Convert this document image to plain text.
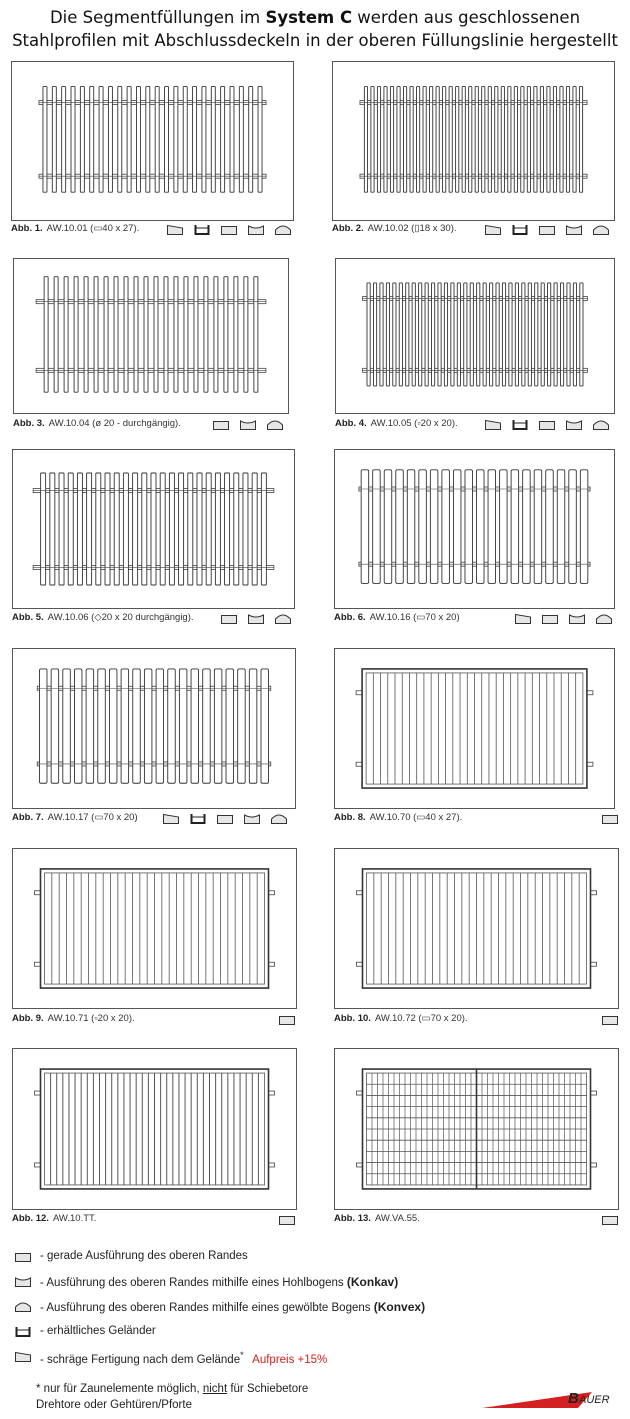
Die Segmentfüllungen im System C werden aus geschlossenen
Stahlprofilen mit Abschlussdeckeln in der oberen Füllungslinie hergestellt
Abb. 1. AW.10.01 (▭40 x 27).	Abb. 2. AW.10.02 (▯18 x 30).
Abb. 3. AW.10.04 (ø 20 - durchgängig).	Abb. 4. AW.10.05 (▫20 x 20).
Abb. 5. AW.10.06 (◇20 x 20 durchgängig).	Abb. 6. AW.10.16 (▭70 x 20)
Abb. 7. AW.10.17 (▭70 x 20)	Abb. 8. AW.10.70 (▭40 x 27).
Abb. 9. AW.10.71 (▫20 x 20).	Abb. 10. AW.10.72 (▭70 x 20).
Abb. 12. AW.10.TT.	Abb. 13. AW.VA.55.
- gerade Ausführung des oberen Randes
- Ausführung des oberen Randes mithilfe eines Hohlbogens (Konkav)
- Ausführung des oberen Randes mithilfe eines gewölbte Bogens (Konvex)
- erhältliches Geländer
- schräge Fertigung nach dem Gelände* Aufpreis +15%
* nur für Zaunelemente möglich, nicht für Schiebetore
Drehtore oder Gehtüren/Pforte	B AUER
